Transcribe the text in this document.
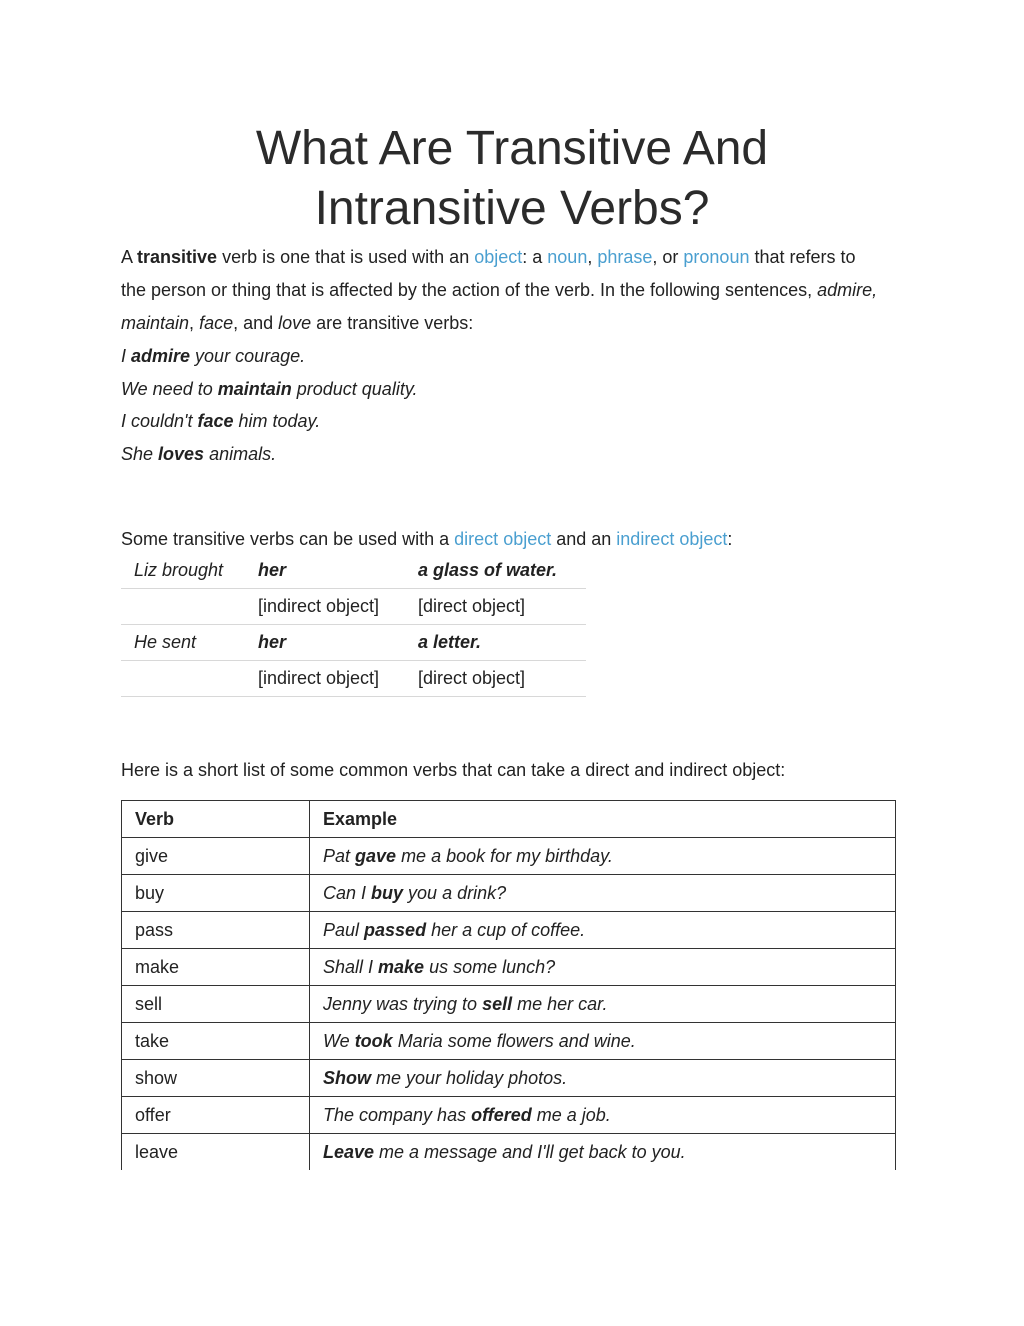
What Are Transitive And
Intransitive Verbs?

A transitive verb is one that is used with an object: a noun, phrase, or pronoun that refers to the person or thing that is affected by the action of the verb. In the following sentences, admire, maintain, face, and love are transitive verbs:

I admire your courage.

We need to maintain product quality.

I couldn't face him today.

She loves animals.

Some transitive verbs can be used with a direct object and an indirect object:

Liz brought	her	a glass of water.
	[indirect object]	[direct object]
He sent	her	a letter.
	[indirect object]	[direct object]

Here is a short list of some common verbs that can take a direct and indirect object:

Verb	Example
give	Pat gave me a book for my birthday.
buy	Can I buy you a drink?
pass	Paul passed her a cup of coffee.
make	Shall I make us some lunch?
sell	Jenny was trying to sell me her car.
take	We took Maria some flowers and wine.
show	Show me your holiday photos.
offer	The company has offered me a job.
leave	Leave me a message and I'll get back to you.
